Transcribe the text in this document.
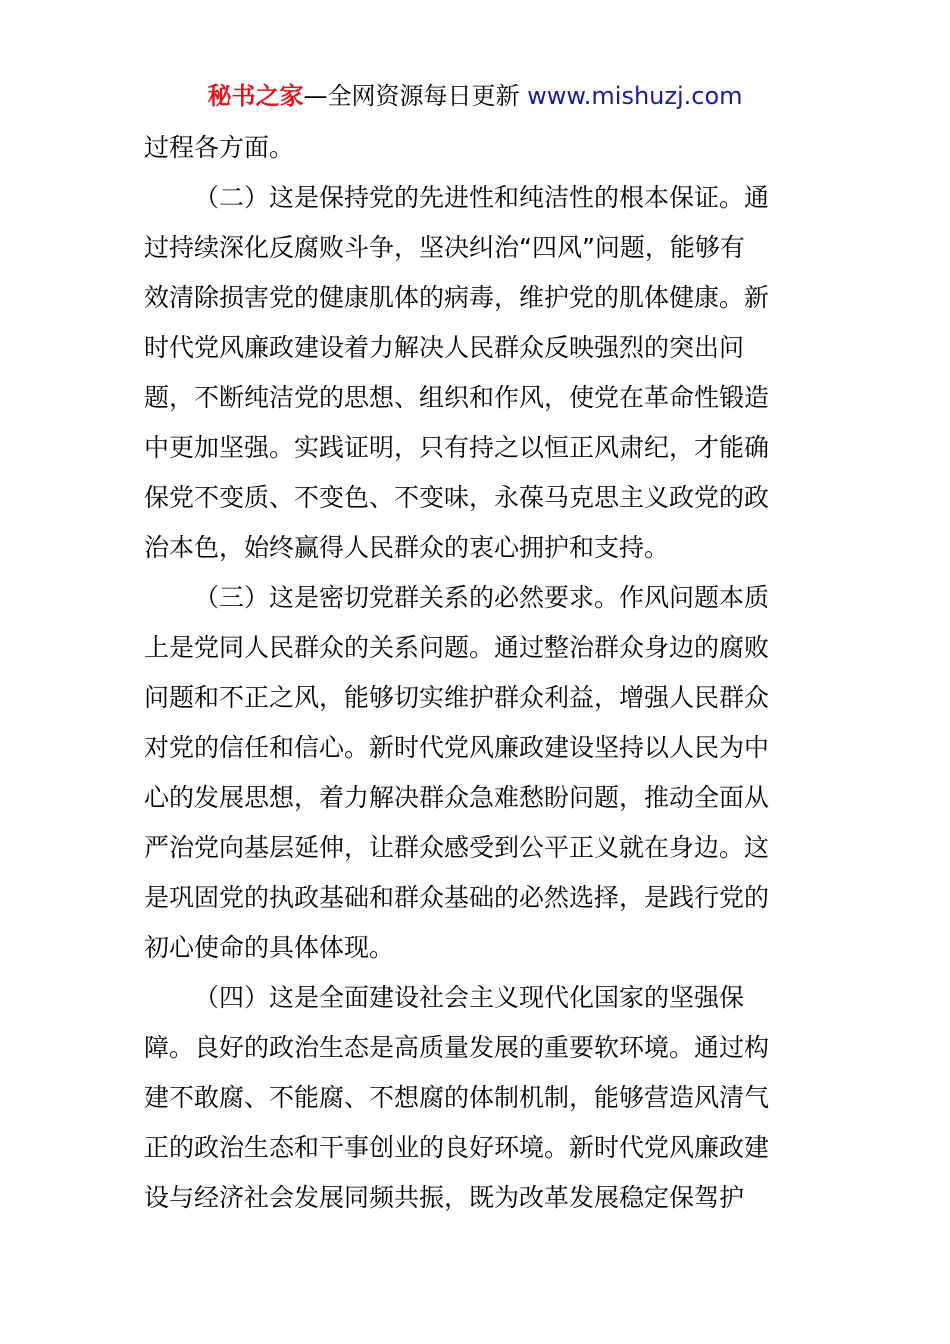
秘书之家—全网资源每日更新 www.mishuzj.com
过程各方面。
（二）这是保持党的先进性和纯洁性的根本保证。通
过持续深化反腐败斗争，坚决纠治“四风”问题，能够有
效清除损害党的健康肌体的病毒，维护党的肌体健康。新
时代党风廉政建设着力解决人民群众反映强烈的突出问
题，不断纯洁党的思想、组织和作风，使党在革命性锻造
中更加坚强。实践证明，只有持之以恒正风肃纪，才能确
保党不变质、不变色、不变味，永葆马克思主义政党的政
治本色，始终赢得人民群众的衷心拥护和支持。
（三）这是密切党群关系的必然要求。作风问题本质
上是党同人民群众的关系问题。通过整治群众身边的腐败
问题和不正之风，能够切实维护群众利益，增强人民群众
对党的信任和信心。新时代党风廉政建设坚持以人民为中
心的发展思想，着力解决群众急难愁盼问题，推动全面从
严治党向基层延伸，让群众感受到公平正义就在身边。这
是巩固党的执政基础和群众基础的必然选择，是践行党的
初心使命的具体体现。
（四）这是全面建设社会主义现代化国家的坚强保
障。良好的政治生态是高质量发展的重要软环境。通过构
建不敢腐、不能腐、不想腐的体制机制，能够营造风清气
正的政治生态和干事创业的良好环境。新时代党风廉政建
设与经济社会发展同频共振，既为改革发展稳定保驾护
